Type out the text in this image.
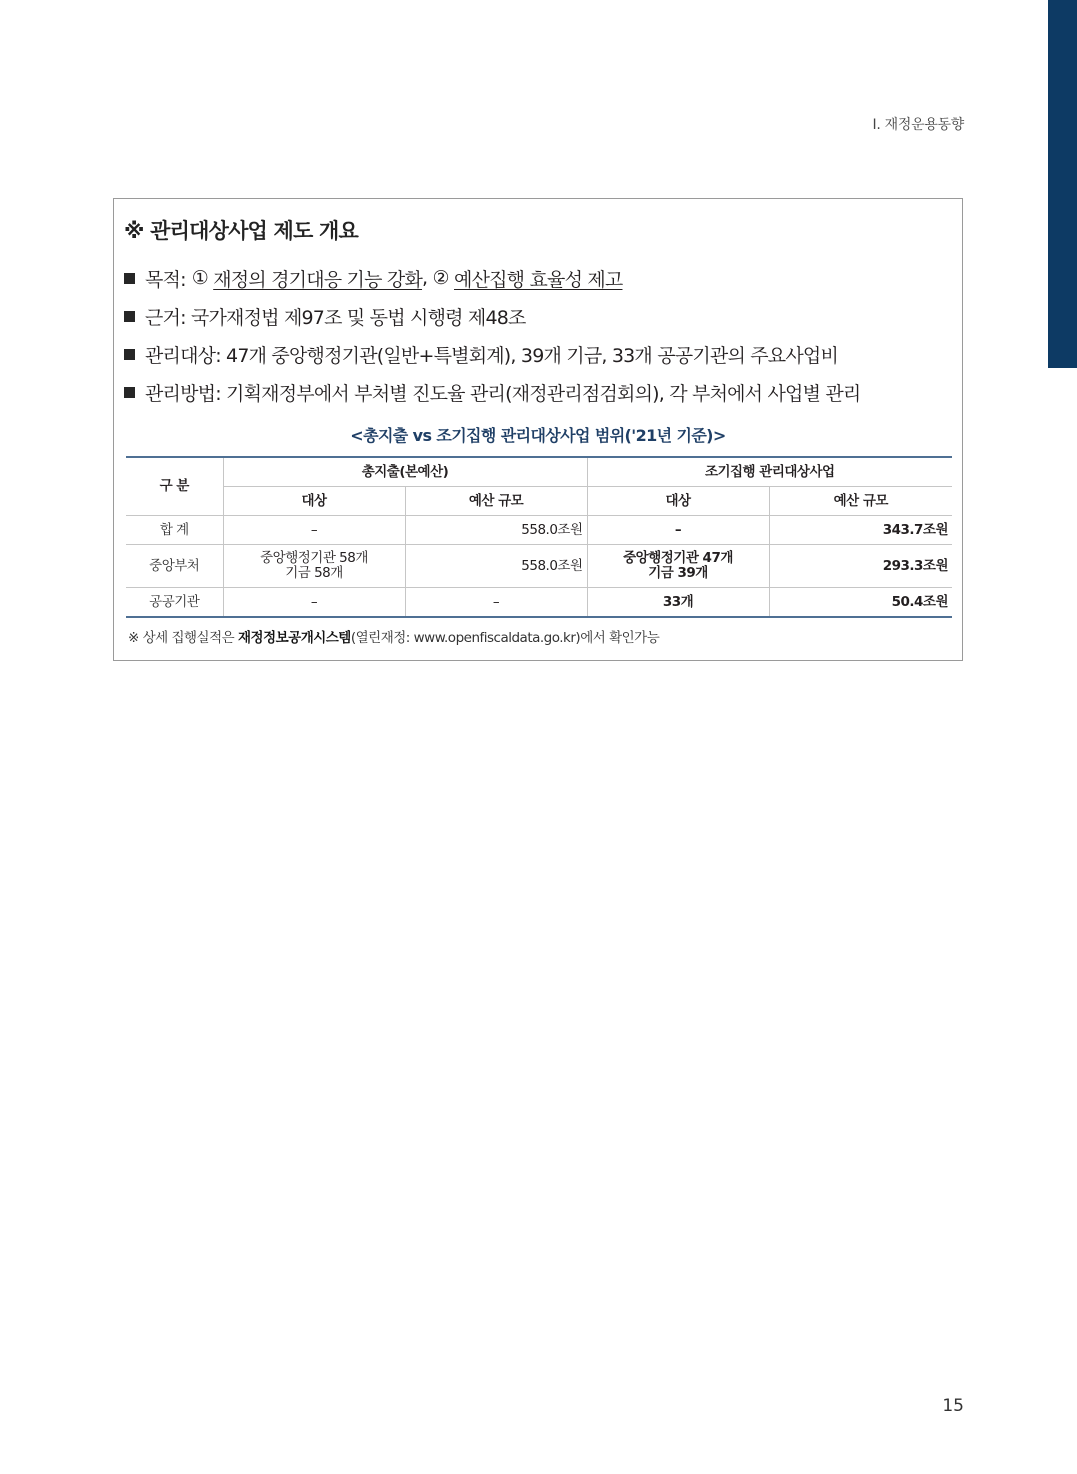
Ⅰ. 재정운용동향
※ 관리대상사업 제도 개요
목적: ①
재정의 경기대응 기능 강화 ,
②
예산집행 효율성 제고
근거: 국가재정법 제97조 및 동법 시행령 제48조
관리대상: 47개 중앙행정기관(일반+특별회계), 39개 기금, 33개 공공기관의 주요사업비
관리방법: 기획재정부에서 부처별 진도율 관리(재정관리점검회의), 각 부처에서 사업별 관리
<총지출 vs 조기집행 관리대상사업 범위('21년 기준)>
구 분	총지출(본예산)		조기집행 관리대상사업	
	대상	예산 규모	대상	예산 규모
합 계	–	558.0조원	–	343.7조원
중앙부처	중앙행정기관 58개
기금 58개	558.0조원	중앙행정기관 47개
기금 39개	293.3조원
공공기관	–	–	33개	50.4조원
※ 상세 집행실적은 재정정보공개시스템(열린재정: www.openfiscaldata.go.kr)에서 확인가능
15
